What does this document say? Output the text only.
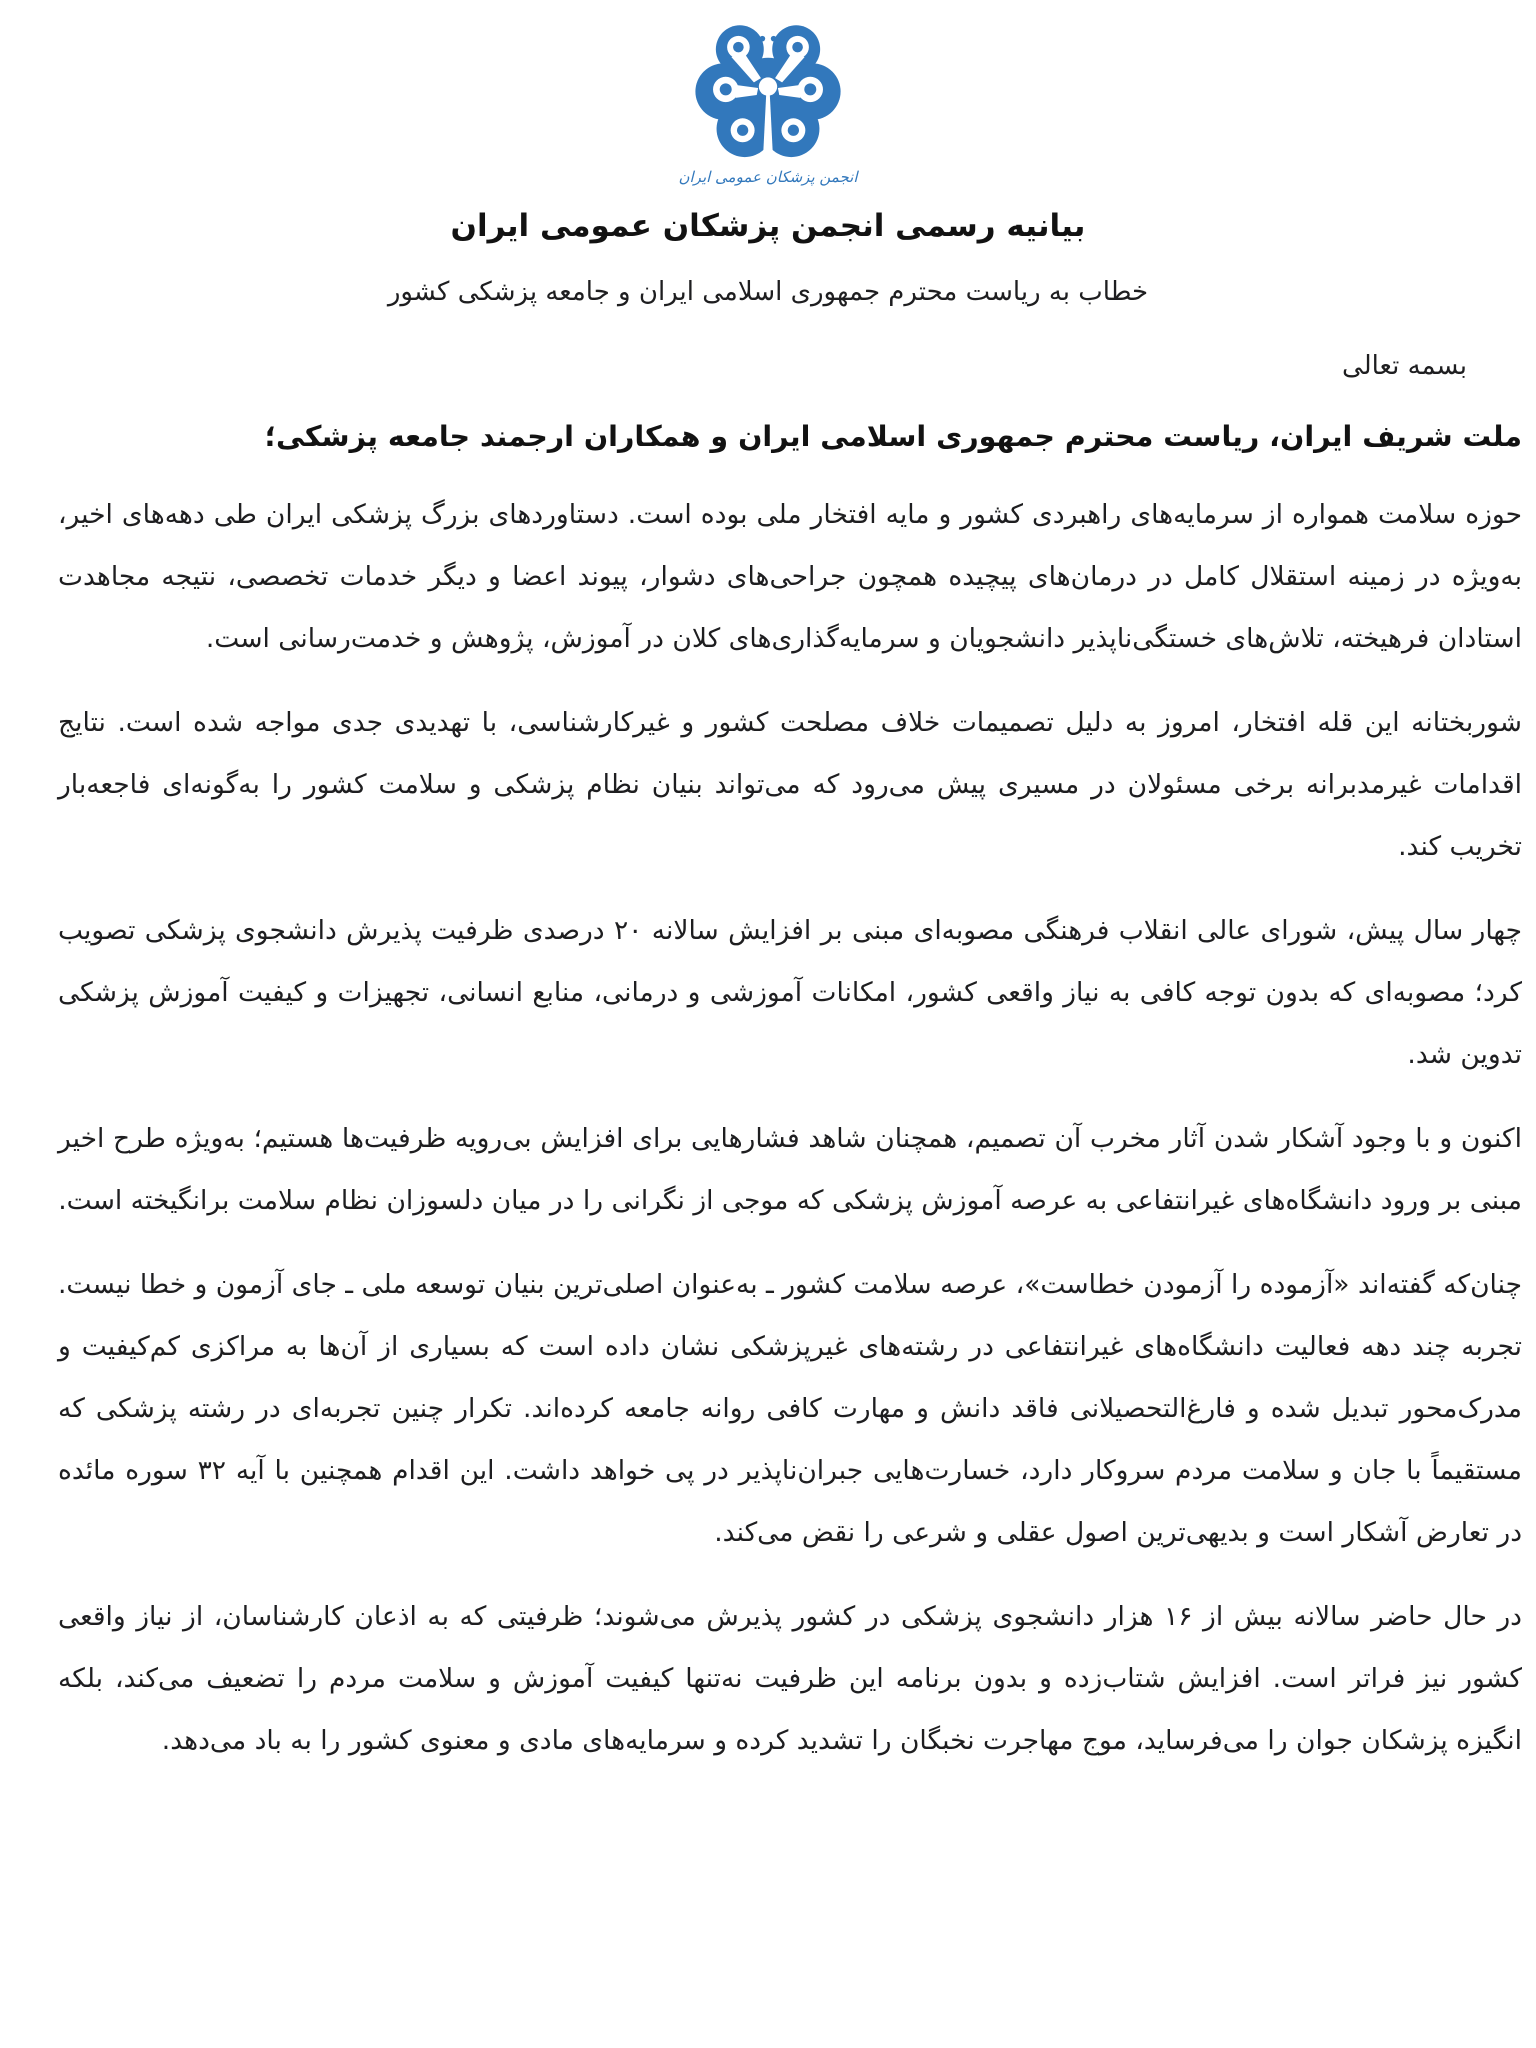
انجمن پزشکان عمومی ایران
بیانیه رسمی انجمن پزشکان عمومی ایران
خطاب به ریاست محترم جمهوری اسلامی ایران و جامعه پزشکی کشور
بسمه تعالی
ملت شریف ایران، ریاست محترم جمهوری اسلامی ایران و همکاران ارجمند جامعه پزشکی؛

حوزه سلامت همواره از سرمایه‌های راهبردی کشور و مایه افتخار ملی بوده است. دستاوردهای بزرگ پزشکی ایران طی دهه‌های اخیر، به‌ویژه در زمینه استقلال کامل در درمان‌های پیچیده همچون جراحی‌های دشوار، پیوند اعضا و دیگر خدمات تخصصی، نتیجه مجاهدت استادان فرهیخته، تلاش‌های خستگی‌ناپذیر دانشجویان و سرمایه‌گذاری‌های کلان در آموزش، پژوهش و خدمت‌رسانی است.

شوربختانه این قله افتخار، امروز به دلیل تصمیمات خلاف مصلحت کشور و غیرکارشناسی، با تهدیدی جدی مواجه شده است. نتایج اقدامات غیرمدبرانه برخی مسئولان در مسیری پیش می‌رود که می‌تواند بنیان نظام پزشکی و سلامت کشور را به‌گونه‌ای فاجعه‌بار تخریب کند.

چهار سال پیش، شورای عالی انقلاب فرهنگی مصوبه‌ای مبنی بر افزایش سالانه ۲۰ درصدی ظرفیت پذیرش دانشجوی پزشکی تصویب کرد؛ مصوبه‌ای که بدون توجه کافی به نیاز واقعی کشور، امکانات آموزشی و درمانی، منابع انسانی، تجهیزات و کیفیت آموزش پزشکی تدوین شد.

اکنون و با وجود آشکار شدن آثار مخرب آن تصمیم، همچنان شاهد فشارهایی برای افزایش بی‌رویه ظرفیت‌ها هستیم؛ به‌ویژه طرح اخیر مبنی بر ورود دانشگاه‌های غیرانتفاعی به عرصه آموزش پزشکی که موجی از نگرانی را در میان دلسوزان نظام سلامت برانگیخته است.

چنان‌که گفته‌اند «آزموده را آزمودن خطاست»، عرصه سلامت کشور ـ به‌عنوان اصلی‌ترین بنیان توسعه ملی ـ جای آزمون و خطا نیست. تجربه چند دهه فعالیت دانشگاه‌های غیرانتفاعی در رشته‌های غیرپزشکی نشان داده است که بسیاری از آن‌ها به مراکزی کم‌کیفیت و مدرک‌محور تبدیل شده و فارغ‌التحصیلانی فاقد دانش و مهارت کافی روانه جامعه کرده‌اند. تکرار چنین تجربه‌ای در رشته پزشکی که مستقیماً با جان و سلامت مردم سروکار دارد، خسارت‌هایی جبران‌ناپذیر در پی خواهد داشت. این اقدام همچنین با آیه ۳۲ سوره مائده در تعارض آشکار است و بدیهی‌ترین اصول عقلی و شرعی را نقض می‌کند.

در حال حاضر سالانه بیش از ۱۶ هزار دانشجوی پزشکی در کشور پذیرش می‌شوند؛ ظرفیتی که به اذعان کارشناسان، از نیاز واقعی کشور نیز فراتر است. افزایش شتاب‌زده و بدون برنامه این ظرفیت نه‌تنها کیفیت آموزش و سلامت مردم را تضعیف می‌کند، بلکه انگیزه پزشکان جوان را می‌فرساید، موج مهاجرت نخبگان را تشدید کرده و سرمایه‌های مادی و معنوی کشور را به باد می‌دهد.
